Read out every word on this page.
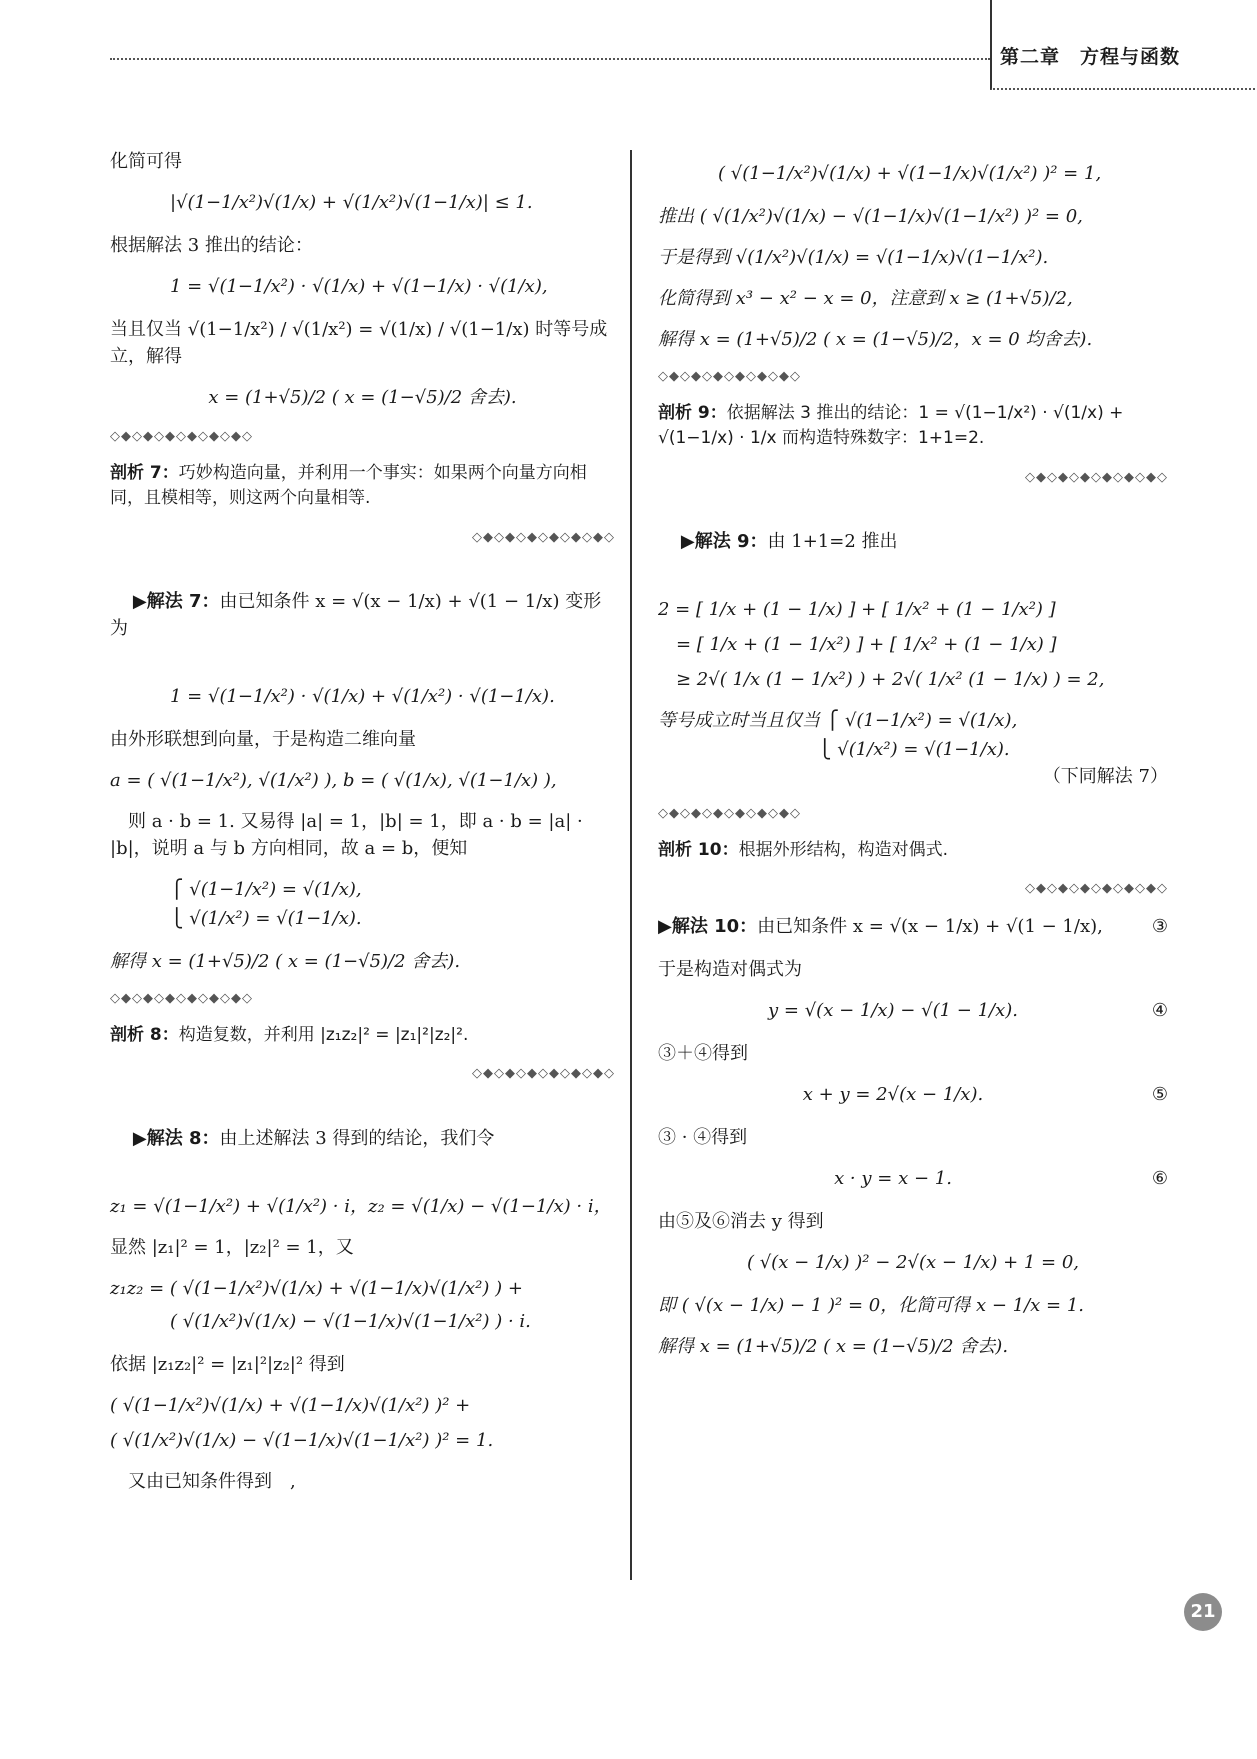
第二章　方程与函数
化简可得
|√(1−1/x²)√(1/x) + √(1/x²)√(1−1/x)| ≤ 1.
根据解法 3 推出的结论：
1 = √(1−1/x²) · √(1/x) + √(1−1/x) · √(1/x),
当且仅当 √(1−1/x²) / √(1/x²) = √(1/x) / √(1−1/x) 时等号成立，解得
x = (1+√5)/2 ( x = (1−√5)/2 舍去).
◇◆◇◆◇◆◇◆◇◆◇◆◇
剖析 7：巧妙构造向量，并利用一个事实：如果两个向量方向相同，且模相等，则这两个向量相等.
◇◆◇◆◇◆◇◆◇◆◇◆◇

▶解法 7：由已知条件 x = √(x − 1/x) + √(1 − 1/x) 变形为

1 = √(1−1/x²) · √(1/x) + √(1/x²) · √(1−1/x).
由外形联想到向量，于是构造二维向量
a = ( √(1−1/x²), √(1/x²) ), b = ( √(1/x), √(1−1/x) ),
　则 a · b = 1. 又易得 |a| = 1，|b| = 1，即 a · b = |a| · |b|，说明 a 与 b 方向相同，故 a = b，便知
⎧ √(1−1/x²) = √(1/x),
⎩ √(1/x²) = √(1−1/x).
解得 x = (1+√5)/2 ( x = (1−√5)/2 舍去).
◇◆◇◆◇◆◇◆◇◆◇◆◇
剖析 8：构造复数，并利用 |z₁z₂|² = |z₁|²|z₂|².
◇◆◇◆◇◆◇◆◇◆◇◆◇

▶解法 8：由上述解法 3 得到的结论，我们令

z₁ = √(1−1/x²) + √(1/x²) · i，z₂ = √(1/x) − √(1−1/x) · i，
显然 |z₁|² = 1，|z₂|² = 1，又
z₁z₂ = ( √(1−1/x²)√(1/x) + √(1−1/x)√(1/x²) ) +
( √(1/x²)√(1/x) − √(1−1/x)√(1−1/x²) ) · i.
依据 |z₁z₂|² = |z₁|²|z₂|² 得到
( √(1−1/x²)√(1/x) + √(1−1/x)√(1/x²) )² +
( √(1/x²)√(1/x) − √(1−1/x)√(1−1/x²) )² = 1.
　又由已知条件得到　,
( √(1−1/x²)√(1/x) + √(1−1/x)√(1/x²) )² = 1,
推出 ( √(1/x²)√(1/x) − √(1−1/x)√(1−1/x²) )² = 0,
于是得到 √(1/x²)√(1/x) = √(1−1/x)√(1−1/x²).
化简得到 x³ − x² − x = 0，注意到 x ≥ (1+√5)/2,
解得 x = (1+√5)/2 ( x = (1−√5)/2，x = 0 均舍去).
◇◆◇◆◇◆◇◆◇◆◇◆◇
剖析 9：依据解法 3 推出的结论：1 = √(1−1/x²) · √(1/x) + √(1−1/x) · 1/x 而构造特殊数字：1+1=2.
◇◆◇◆◇◆◇◆◇◆◇◆◇

▶解法 9：由 1+1=2 推出

2 = [ 1/x + (1 − 1/x) ] + [ 1/x² + (1 − 1/x²) ]
= [ 1/x + (1 − 1/x²) ] + [ 1/x² + (1 − 1/x) ]
≥ 2√( 1/x (1 − 1/x²) ) + 2√( 1/x² (1 − 1/x) ) = 2,
等号成立时当且仅当 ⎧ √(1−1/x²) = √(1/x),
⎩ √(1/x²) = √(1−1/x).
（下同解法 7）
◇◆◇◆◇◆◇◆◇◆◇◆◇
剖析 10：根据外形结构，构造对偶式.
◇◆◇◆◇◆◇◆◇◆◇◆◇
▶解法 10：由已知条件 x = √(x − 1/x) + √(1 − 1/x),	③
于是构造对偶式为
y = √(x − 1/x) − √(1 − 1/x).	④
③＋④得到
x + y = 2√(x − 1/x).	⑤
③ · ④得到
x · y = x − 1.	⑥
由⑤及⑥消去 y 得到
( √(x − 1/x) )² − 2√(x − 1/x) + 1 = 0,
即 ( √(x − 1/x) − 1 )² = 0，化简可得 x − 1/x = 1.
解得 x = (1+√5)/2 ( x = (1−√5)/2 舍去).
21
